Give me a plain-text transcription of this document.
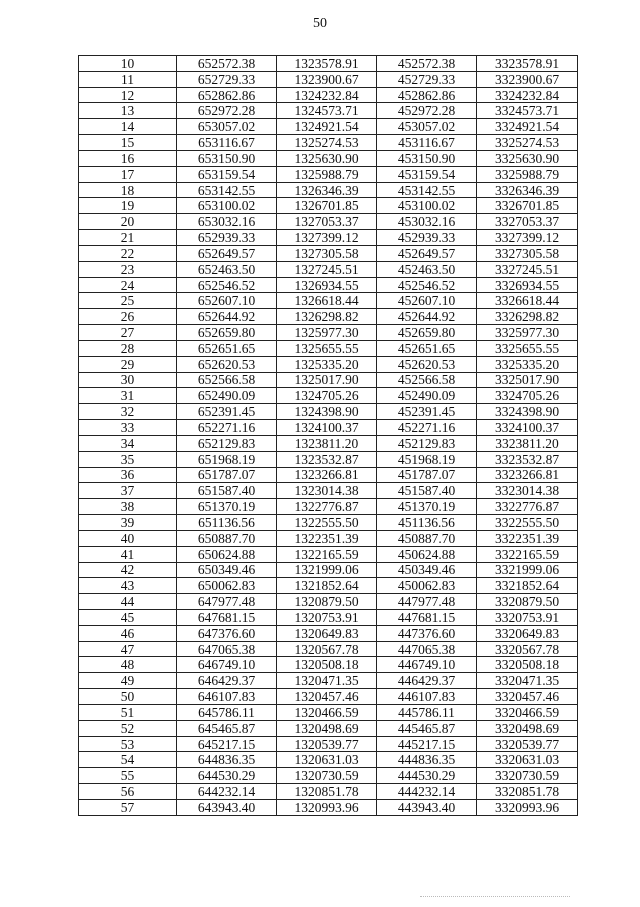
50
10	652572.38	1323578.91	452572.38	3323578.91
11	652729.33	1323900.67	452729.33	3323900.67
12	652862.86	1324232.84	452862.86	3324232.84
13	652972.28	1324573.71	452972.28	3324573.71
14	653057.02	1324921.54	453057.02	3324921.54
15	653116.67	1325274.53	453116.67	3325274.53
16	653150.90	1325630.90	453150.90	3325630.90
17	653159.54	1325988.79	453159.54	3325988.79
18	653142.55	1326346.39	453142.55	3326346.39
19	653100.02	1326701.85	453100.02	3326701.85
20	653032.16	1327053.37	453032.16	3327053.37
21	652939.33	1327399.12	452939.33	3327399.12
22	652649.57	1327305.58	452649.57	3327305.58
23	652463.50	1327245.51	452463.50	3327245.51
24	652546.52	1326934.55	452546.52	3326934.55
25	652607.10	1326618.44	452607.10	3326618.44
26	652644.92	1326298.82	452644.92	3326298.82
27	652659.80	1325977.30	452659.80	3325977.30
28	652651.65	1325655.55	452651.65	3325655.55
29	652620.53	1325335.20	452620.53	3325335.20
30	652566.58	1325017.90	452566.58	3325017.90
31	652490.09	1324705.26	452490.09	3324705.26
32	652391.45	1324398.90	452391.45	3324398.90
33	652271.16	1324100.37	452271.16	3324100.37
34	652129.83	1323811.20	452129.83	3323811.20
35	651968.19	1323532.87	451968.19	3323532.87
36	651787.07	1323266.81	451787.07	3323266.81
37	651587.40	1323014.38	451587.40	3323014.38
38	651370.19	1322776.87	451370.19	3322776.87
39	651136.56	1322555.50	451136.56	3322555.50
40	650887.70	1322351.39	450887.70	3322351.39
41	650624.88	1322165.59	450624.88	3322165.59
42	650349.46	1321999.06	450349.46	3321999.06
43	650062.83	1321852.64	450062.83	3321852.64
44	647977.48	1320879.50	447977.48	3320879.50
45	647681.15	1320753.91	447681.15	3320753.91
46	647376.60	1320649.83	447376.60	3320649.83
47	647065.38	1320567.78	447065.38	3320567.78
48	646749.10	1320508.18	446749.10	3320508.18
49	646429.37	1320471.35	446429.37	3320471.35
50	646107.83	1320457.46	446107.83	3320457.46
51	645786.11	1320466.59	445786.11	3320466.59
52	645465.87	1320498.69	445465.87	3320498.69
53	645217.15	1320539.77	445217.15	3320539.77
54	644836.35	1320631.03	444836.35	3320631.03
55	644530.29	1320730.59	444530.29	3320730.59
56	644232.14	1320851.78	444232.14	3320851.78
57	643943.40	1320993.96	443943.40	3320993.96
